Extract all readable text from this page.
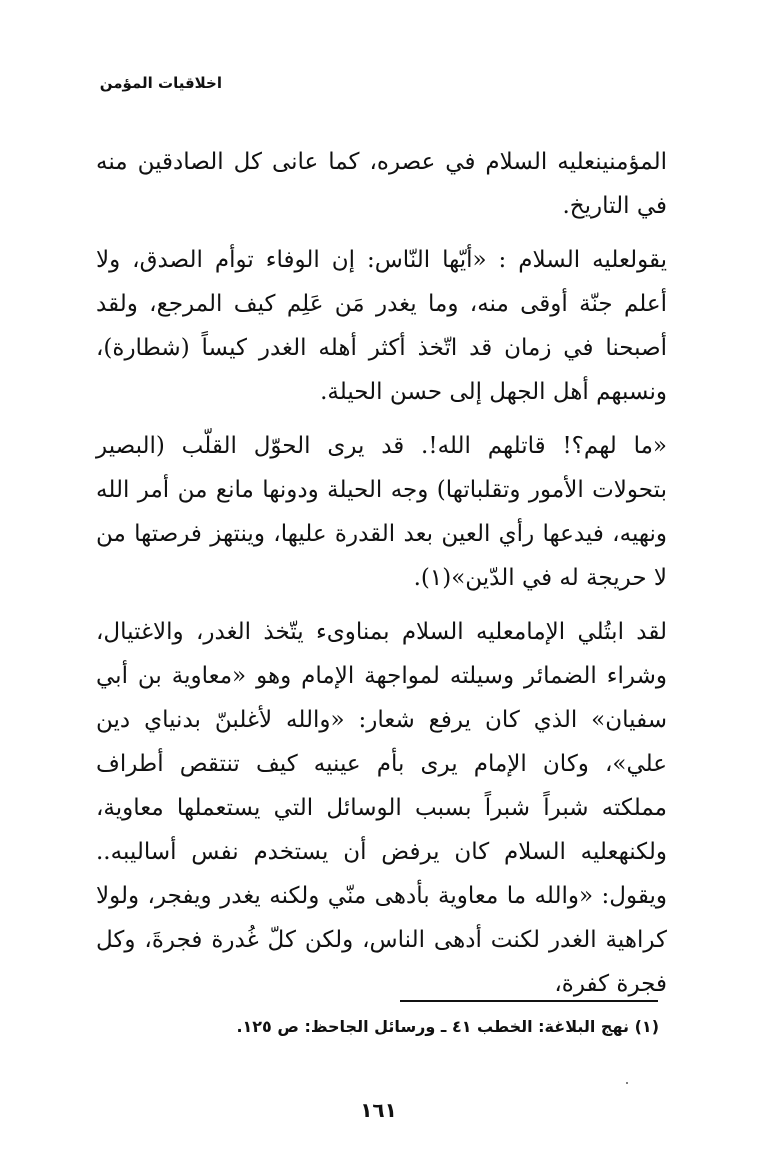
اخلاقيات المؤمن

المؤمنينعليه السلام في عصره، كما عانى كل الصادقين منه في التاريخ.

يقولعليه السلام : «أيّها النّاس: إن الوفاء توأم الصدق، ولا أعلم جنّة أوقى منه، وما يغدر مَن عَلِم كيف المرجع، ولقد أصبحنا في زمان قد اتّخذ أكثر أهله الغدر كيساً (شطارة)، ونسبهم أهل الجهل إلى حسن الحيلة.

«ما لهم؟! قاتلهم الله!. قد يرى الحوّل القلّب (البصير بتحولات الأمور وتقلباتها) وجه الحيلة ودونها مانع من أمر الله ونهيه، فيدعها رأي العين بعد القدرة عليها، وينتهز فرصتها من لا حريجة له في الدّين»(١).

لقد ابتُلي الإمامعليه السلام بمناوىء يتّخذ الغدر، والاغتيال، وشراء الضمائر وسيلته لمواجهة الإمام وهو «معاوية بن أبي سفيان» الذي كان يرفع شعار: «والله لأغلبنّ بدنياي دين علي»، وكان الإمام يرى بأم عينيه كيف تنتقص أطراف مملكته شبراً شبراً بسبب الوسائل التي يستعملها معاوية، ولكنهعليه السلام كان يرفض أن يستخدم نفس أساليبه.. ويقول: «والله ما معاوية بأدهى منّي ولكنه يغدر ويفجر، ولولا كراهية الغدر لكنت أدهى الناس، ولكن كلّ غُدرة فجرةَ، وكل فجرة كفرة،

(١) نهج البلاغة: الخطب ٤١ ـ ورسائل الجاحظ: ص ١٢٥.
١٦١
